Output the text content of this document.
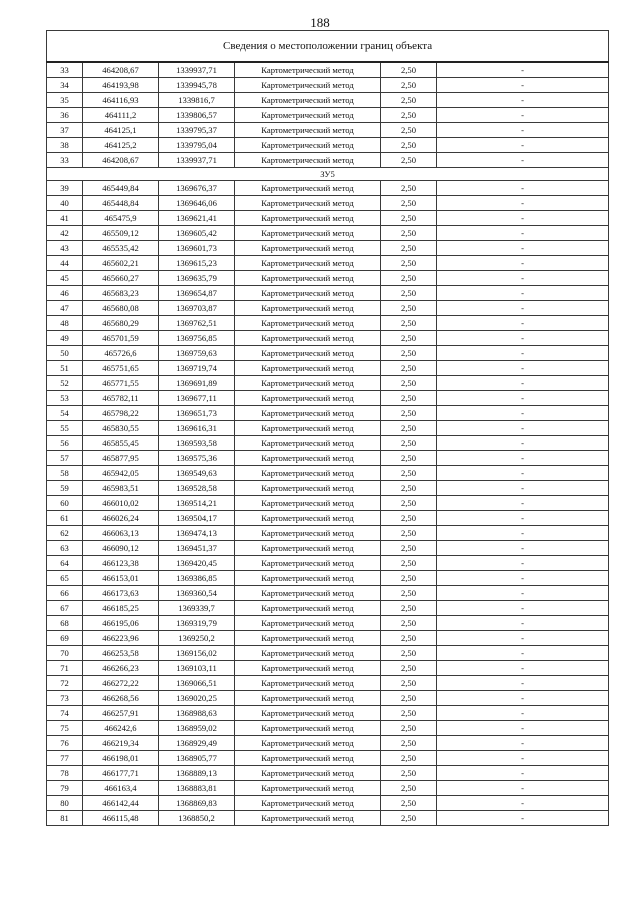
188
Сведения о местоположении границ объекта					
33	464208,67	1339937,71	Картометрический метод	2,50	-
34	464193,98	1339945,78	Картометрический метод	2,50	-
35	464116,93	1339816,7	Картометрический метод	2,50	-
36	464111,2	1339806,57	Картометрический метод	2,50	-
37	464125,1	1339795,37	Картометрический метод	2,50	-
38	464125,2	1339795,04	Картометрический метод	2,50	-
33	464208,67	1339937,71	Картометрический метод	2,50	-
ЗУ5					
39	465449,84	1369676,37	Картометрический метод	2,50	-
40	465448,84	1369646,06	Картометрический метод	2,50	-
41	465475,9	1369621,41	Картометрический метод	2,50	-
42	465509,12	1369605,42	Картометрический метод	2,50	-
43	465535,42	1369601,73	Картометрический метод	2,50	-
44	465602,21	1369615,23	Картометрический метод	2,50	-
45	465660,27	1369635,79	Картометрический метод	2,50	-
46	465683,23	1369654,87	Картометрический метод	2,50	-
47	465680,08	1369703,87	Картометрический метод	2,50	-
48	465680,29	1369762,51	Картометрический метод	2,50	-
49	465701,59	1369756,85	Картометрический метод	2,50	-
50	465726,6	1369759,63	Картометрический метод	2,50	-
51	465751,65	1369719,74	Картометрический метод	2,50	-
52	465771,55	1369691,89	Картометрический метод	2,50	-
53	465782,11	1369677,11	Картометрический метод	2,50	-
54	465798,22	1369651,73	Картометрический метод	2,50	-
55	465830,55	1369616,31	Картометрический метод	2,50	-
56	465855,45	1369593,58	Картометрический метод	2,50	-
57	465877,95	1369575,36	Картометрический метод	2,50	-
58	465942,05	1369549,63	Картометрический метод	2,50	-
59	465983,51	1369528,58	Картометрический метод	2,50	-
60	466010,02	1369514,21	Картометрический метод	2,50	-
61	466026,24	1369504,17	Картометрический метод	2,50	-
62	466063,13	1369474,13	Картометрический метод	2,50	-
63	466090,12	1369451,37	Картометрический метод	2,50	-
64	466123,38	1369420,45	Картометрический метод	2,50	-
65	466153,01	1369386,85	Картометрический метод	2,50	-
66	466173,63	1369360,54	Картометрический метод	2,50	-
67	466185,25	1369339,7	Картометрический метод	2,50	-
68	466195,06	1369319,79	Картометрический метод	2,50	-
69	466223,96	1369250,2	Картометрический метод	2,50	-
70	466253,58	1369156,02	Картометрический метод	2,50	-
71	466266,23	1369103,11	Картометрический метод	2,50	-
72	466272,22	1369066,51	Картометрический метод	2,50	-
73	466268,56	1369020,25	Картометрический метод	2,50	-
74	466257,91	1368988,63	Картометрический метод	2,50	-
75	466242,6	1368959,02	Картометрический метод	2,50	-
76	466219,34	1368929,49	Картометрический метод	2,50	-
77	466198,01	1368905,77	Картометрический метод	2,50	-
78	466177,71	1368889,13	Картометрический метод	2,50	-
79	466163,4	1368883,81	Картометрический метод	2,50	-
80	466142,44	1368869,83	Картометрический метод	2,50	-
81	466115,48	1368850,2	Картометрический метод	2,50	-
